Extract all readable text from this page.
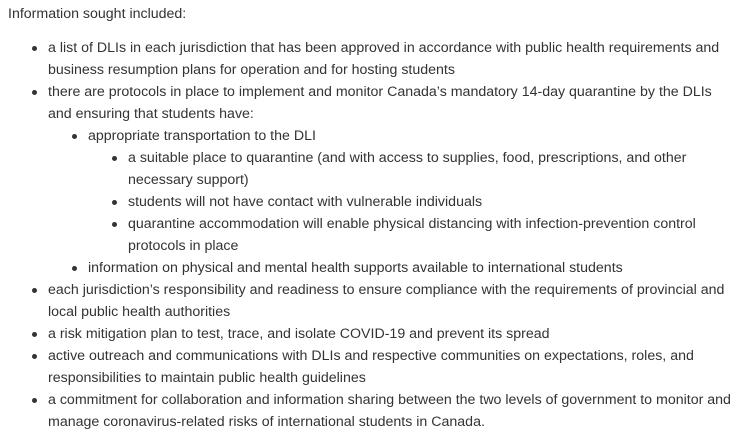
Information sought included:

a list of DLIs in each jurisdiction that has been approved in accordance with public health requirements and business resumption plans for operation and for hosting students
there are protocols in place to implement and monitor Canada’s mandatory 14-day quarantine by the DLIs and ensuring that students have:
appropriate transportation to the DLI
a suitable place to quarantine (and with access to supplies, food, prescriptions, and other necessary support)
students will not have contact with vulnerable individuals
quarantine accommodation will enable physical distancing with infection-prevention control protocols in place
information on physical and mental health supports available to international students
each jurisdiction’s responsibility and readiness to ensure compliance with the requirements of provincial and local public health authorities
a risk mitigation plan to test, trace, and isolate COVID-19 and prevent its spread
active outreach and communications with DLIs and respective communities on expectations, roles, and responsibilities to maintain public health guidelines
a commitment for collaboration and information sharing between the two levels of government to monitor and manage coronavirus-related risks of international students in Canada.
